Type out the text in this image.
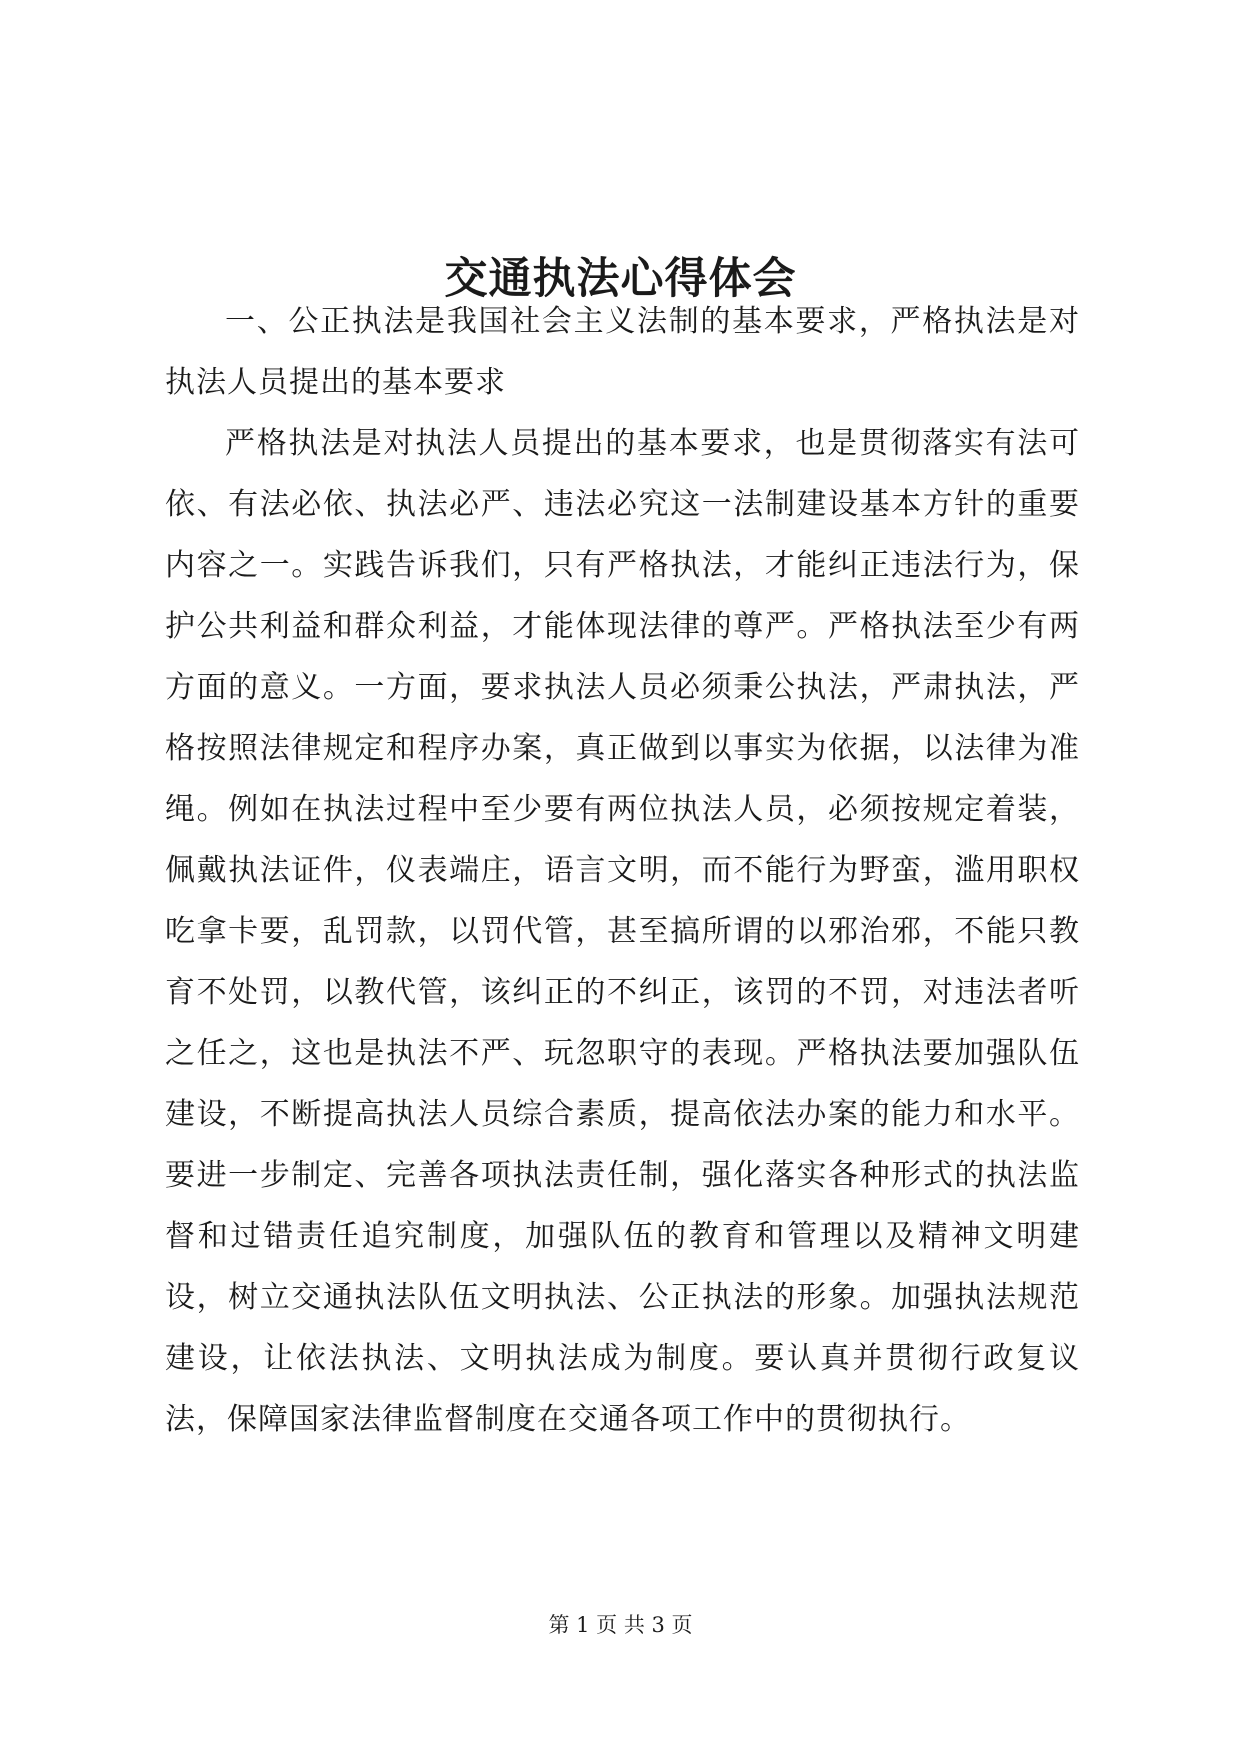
交通执法心得体会

一、公正执法是我国社会主义法制的基本要求，严格执法是对执法人员提出的基本要求

严格执法是对执法人员提出的基本要求，也是贯彻落实有法可依、有法必依、执法必严、违法必究这一法制建设基本方针的重要内容之一。实践告诉我们，只有严格执法，才能纠正违法行为，保护公共利益和群众利益，才能体现法律的尊严。严格执法至少有两方面的意义。一方面，要求执法人员必须秉公执法，严肃执法，严格按照法律规定和程序办案，真正做到以事实为依据，以法律为准绳。例如在执法过程中至少要有两位执法人员，必须按规定着装，佩戴执法证件，仪表端庄，语言文明，而不能行为野蛮，滥用职权吃拿卡要，乱罚款，以罚代管，甚至搞所谓的以邪治邪，不能只教育不处罚，以教代管，该纠正的不纠正，该罚的不罚，对违法者听之任之，这也是执法不严、玩忽职守的表现。严格执法要加强队伍建设，不断提高执法人员综合素质，提高依法办案的能力和水平。要进一步制定、完善各项执法责任制，强化落实各种形式的执法监督和过错责任追究制度，加强队伍的教育和管理以及精神文明建设，树立交通执法队伍文明执法、公正执法的形象。加强执法规范建设，让依法执法、文明执法成为制度。要认真并贯彻行政复议法，保障国家法律监督制度在交通各项工作中的贯彻执行。

第 1 页 共 3 页
